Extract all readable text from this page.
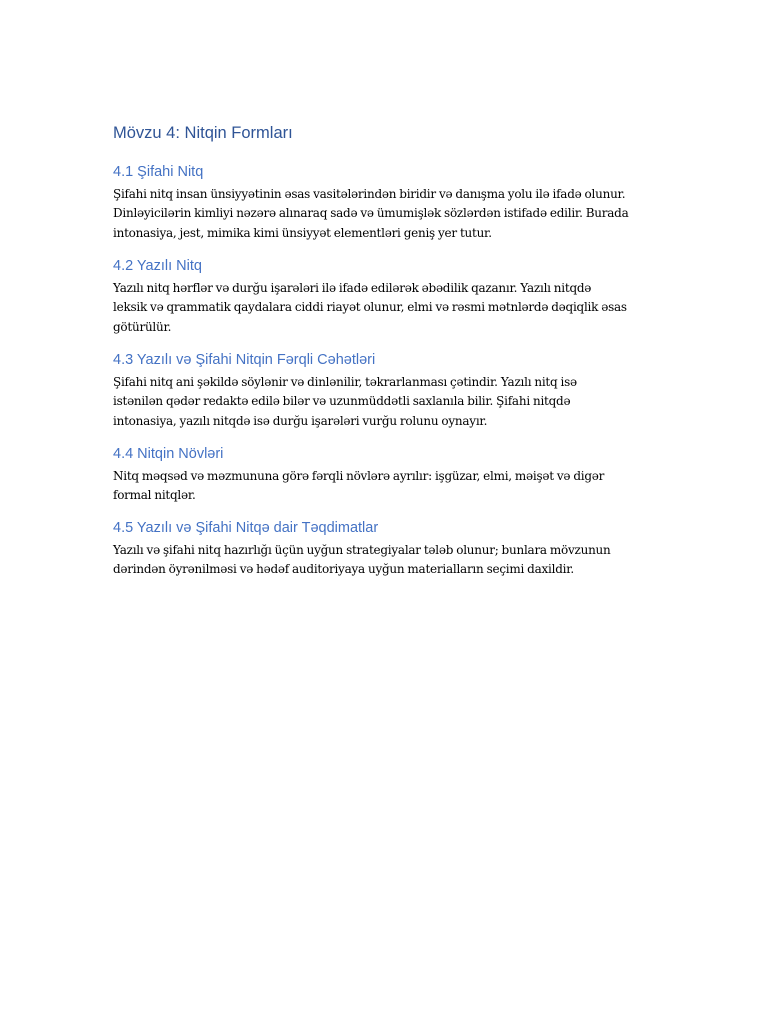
Mövzu 4: Nitqin Formları
4.1 Şifahi Nitq

Şifahi nitq insan ünsiyyətinin əsas vasitələrindən biridir və danışma yolu ilə ifadə olunur.
Dinləyicilərin kimliyi nəzərə alınaraq sadə və ümumişlək sözlərdən istifadə edilir. Burada
intonasiya, jest, mimika kimi ünsiyyət elementləri geniş yer tutur.

4.2 Yazılı Nitq

Yazılı nitq hərflər və durğu işarələri ilə ifadə edilərək əbədilik qazanır. Yazılı nitqdə
leksik və qrammatik qaydalara ciddi riayət olunur, elmi və rəsmi mətnlərdə dəqiqlik əsas
götürülür.

4.3 Yazılı və Şifahi Nitqin Fərqli Cəhətləri

Şifahi nitq ani şəkildə söylənir və dinlənilir, təkrarlanması çətindir. Yazılı nitq isə
istənilən qədər redaktə edilə bilər və uzunmüddətli saxlanıla bilir. Şifahi nitqdə
intonasiya, yazılı nitqdə isə durğu işarələri vurğu rolunu oynayır.

4.4 Nitqin Növləri

Nitq məqsəd və məzmununa görə fərqli növlərə ayrılır: işgüzar, elmi, məişət və digər
formal nitqlər.

4.5 Yazılı və Şifahi Nitqə dair Təqdimatlar

Yazılı və şifahi nitq hazırlığı üçün uyğun strategiyalar tələb olunur; bunlara mövzunun
dərindən öyrənilməsi və hədəf auditoriyaya uyğun materialların seçimi daxildir.
